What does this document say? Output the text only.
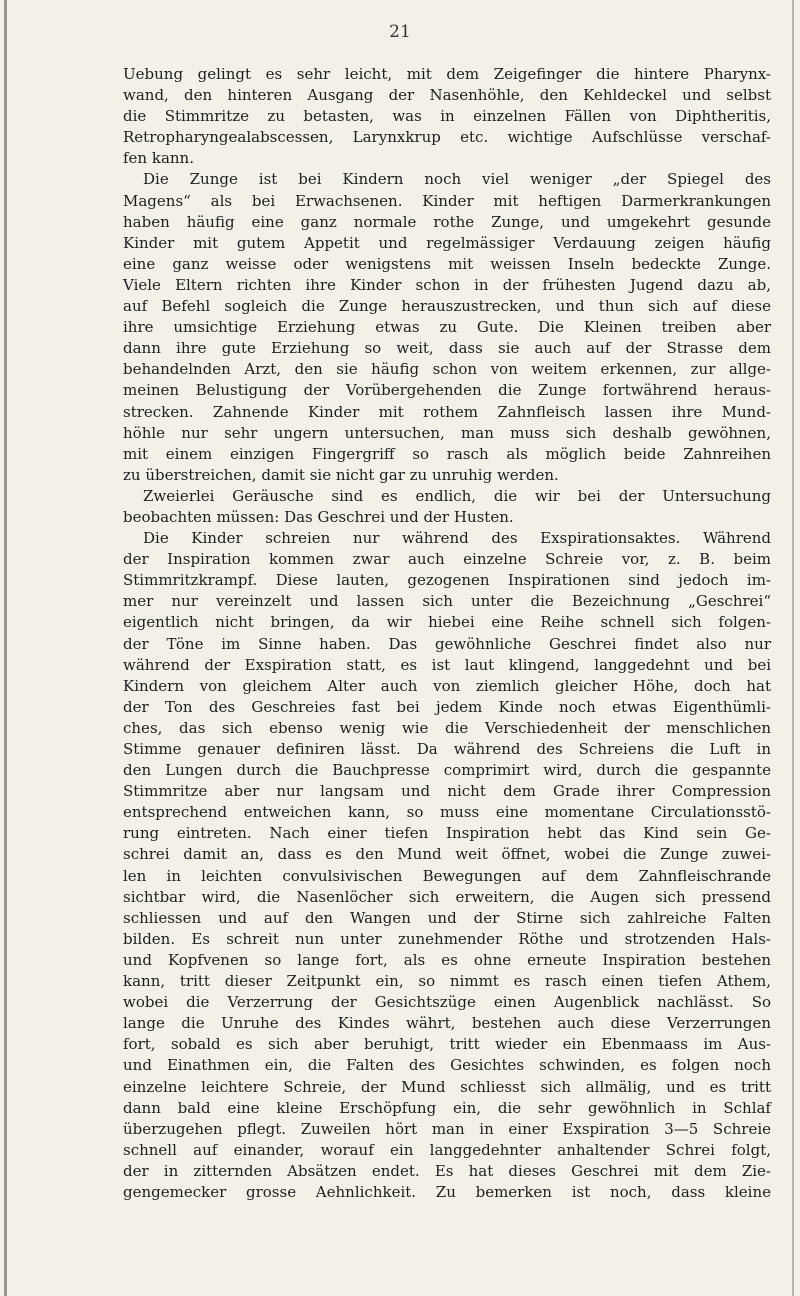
21
Uebung gelingt es sehr leicht, mit dem Zeigefinger die hintere Pharynx-
wand, den hinteren Ausgang der Nasenhöhle, den Kehldeckel und selbst
die Stimmritze zu betasten, was in einzelnen Fällen von Diphtheritis,
Retropharyngealabscessen, Larynxkrup etc. wichtige Aufschlüsse verschaf-
fen kann.
Die Zunge ist bei Kindern noch viel weniger „der Spiegel des
Magens“ als bei Erwachsenen. Kinder mit heftigen Darmerkrankungen
haben häufig eine ganz normale rothe Zunge, und umgekehrt gesunde
Kinder mit gutem Appetit und regelmässiger Verdauung zeigen häufig
eine ganz weisse oder wenigstens mit weissen Inseln bedeckte Zunge.
Viele Eltern richten ihre Kinder schon in der frühesten Jugend dazu ab,
auf Befehl sogleich die Zunge herauszustrecken, und thun sich auf diese
ihre umsichtige Erziehung etwas zu Gute. Die Kleinen treiben aber
dann ihre gute Erziehung so weit, dass sie auch auf der Strasse dem
behandelnden Arzt, den sie häufig schon von weitem erkennen, zur allge-
meinen Belustigung der Vorübergehenden die Zunge fortwährend heraus-
strecken. Zahnende Kinder mit rothem Zahnfleisch lassen ihre Mund-
höhle nur sehr ungern untersuchen, man muss sich deshalb gewöhnen,
mit einem einzigen Fingergriff so rasch als möglich beide Zahnreihen
zu überstreichen, damit sie nicht gar zu unruhig werden.
Zweierlei Geräusche sind es endlich, die wir bei der Untersuchung
beobachten müssen: Das Geschrei und der Husten.
Die Kinder schreien nur während des Exspirationsaktes. Während
der Inspiration kommen zwar auch einzelne Schreie vor, z. B. beim
Stimmritzkrampf. Diese lauten, gezogenen Inspirationen sind jedoch im-
mer nur vereinzelt und lassen sich unter die Bezeichnung „Geschrei“
eigentlich nicht bringen, da wir hiebei eine Reihe schnell sich folgen-
der Töne im Sinne haben. Das gewöhnliche Geschrei findet also nur
während der Exspiration statt, es ist laut klingend, langgedehnt und bei
Kindern von gleichem Alter auch von ziemlich gleicher Höhe, doch hat
der Ton des Geschreies fast bei jedem Kinde noch etwas Eigenthümli-
ches, das sich ebenso wenig wie die Verschiedenheit der menschlichen
Stimme genauer definiren lässt. Da während des Schreiens die Luft in
den Lungen durch die Bauchpresse comprimirt wird, durch die gespannte
Stimmritze aber nur langsam und nicht dem Grade ihrer Compression
entsprechend entweichen kann, so muss eine momentane Circulationsstö-
rung eintreten. Nach einer tiefen Inspiration hebt das Kind sein Ge-
schrei damit an, dass es den Mund weit öffnet, wobei die Zunge zuwei-
len in leichten convulsivischen Bewegungen auf dem Zahnfleischrande
sichtbar wird, die Nasenlöcher sich erweitern, die Augen sich pressend
schliessen und auf den Wangen und der Stirne sich zahlreiche Falten
bilden. Es schreit nun unter zunehmender Röthe und strotzenden Hals-
und Kopfvenen so lange fort, als es ohne erneute Inspiration bestehen
kann, tritt dieser Zeitpunkt ein, so nimmt es rasch einen tiefen Athem,
wobei die Verzerrung der Gesichtszüge einen Augenblick nachlässt. So
lange die Unruhe des Kindes währt, bestehen auch diese Verzerrungen
fort, sobald es sich aber beruhigt, tritt wieder ein Ebenmaass im Aus-
und Einathmen ein, die Falten des Gesichtes schwinden, es folgen noch
einzelne leichtere Schreie, der Mund schliesst sich allmälig, und es tritt
dann bald eine kleine Erschöpfung ein, die sehr gewöhnlich in Schlaf
überzugehen pflegt. Zuweilen hört man in einer Exspiration 3—5 Schreie
schnell auf einander, worauf ein langgedehnter anhaltender Schrei folgt,
der in zitternden Absätzen endet. Es hat dieses Geschrei mit dem Zie-
gengemecker grosse Aehnlichkeit. Zu bemerken ist noch, dass kleine
